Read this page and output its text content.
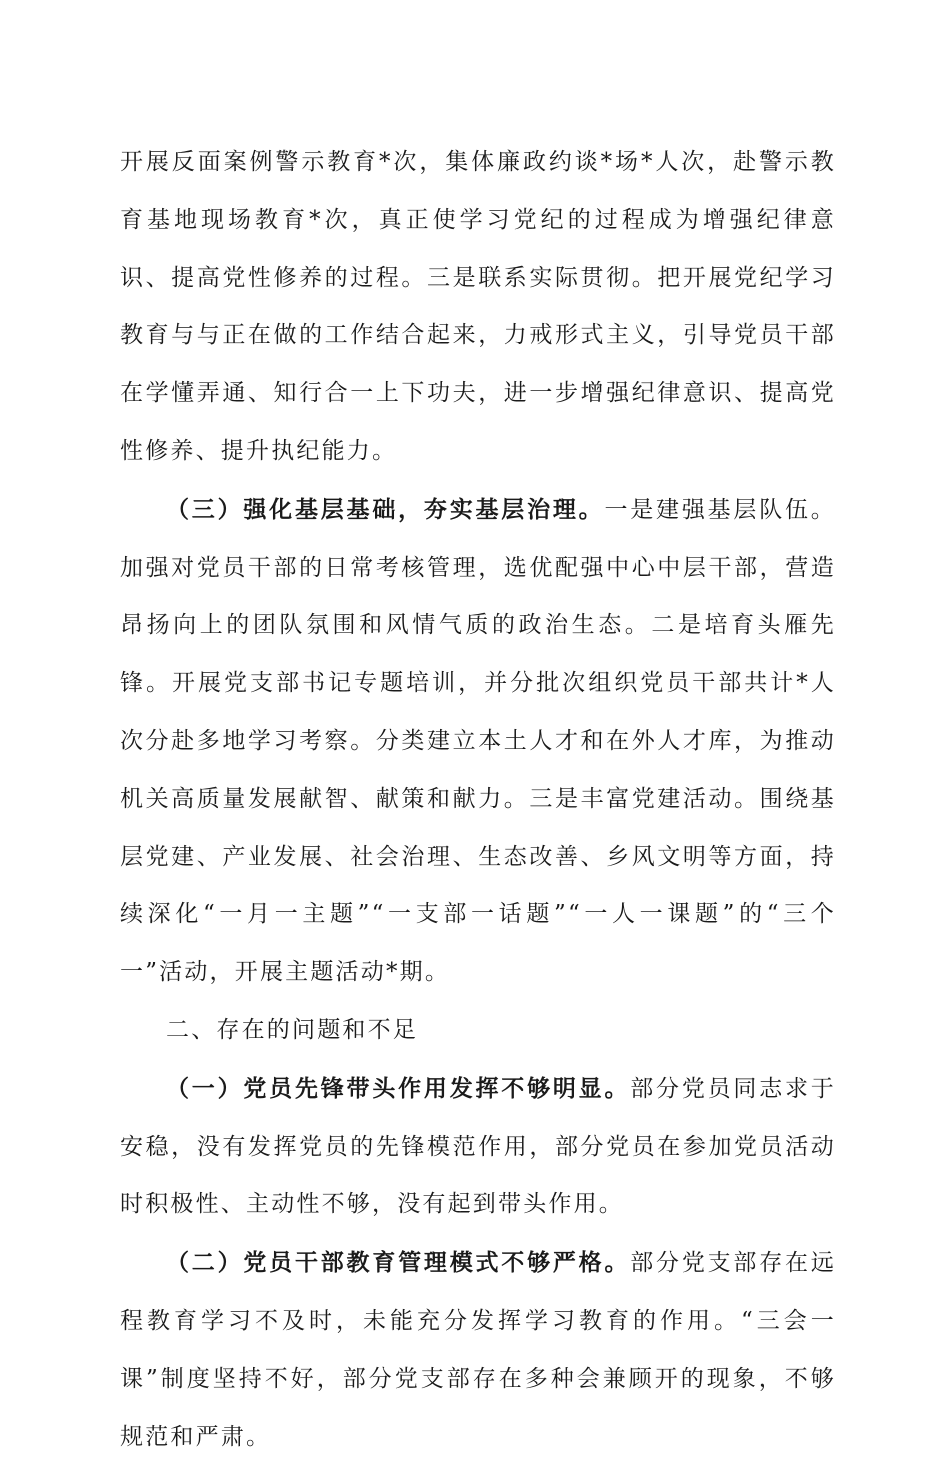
开展反面案例警示教育*次，集体廉政约谈*场*人次，赴警示教育基地现场教育*次，真正使学习党纪的过程成为增强纪律意识、提高党性修养的过程。三是联系实际贯彻。把开展党纪学习教育与与正在做的工作结合起来，力戒形式主义，引导党员干部在学懂弄通、知行合一上下功夫，进一步增强纪律意识、提高党性修养、提升执纪能力。

（三）强化基层基础，夯实基层治理。一是建强基层队伍。加强对党员干部的日常考核管理，选优配强中心中层干部，营造昂扬向上的团队氛围和风情气质的政治生态。二是培育头雁先锋。开展党支部书记专题培训，并分批次组织党员干部共计*人次分赴多地学习考察。分类建立本土人才和在外人才库，为推动机关高质量发展献智、献策和献力。三是丰富党建活动。围绕基层党建、产业发展、社会治理、生态改善、乡风文明等方面，持续深化“一月一主题”“一支部一话题”“一人一课题”的“三个一”活动，开展主题活动*期。

二、存在的问题和不足

（一）党员先锋带头作用发挥不够明显。部分党员同志求于安稳，没有发挥党员的先锋模范作用，部分党员在参加党员活动时积极性、主动性不够，没有起到带头作用。

（二）党员干部教育管理模式不够严格。部分党支部存在远程教育学习不及时，未能充分发挥学习教育的作用。“三会一课”制度坚持不好，部分党支部存在多种会兼顾开的现象，不够规范和严肃。
